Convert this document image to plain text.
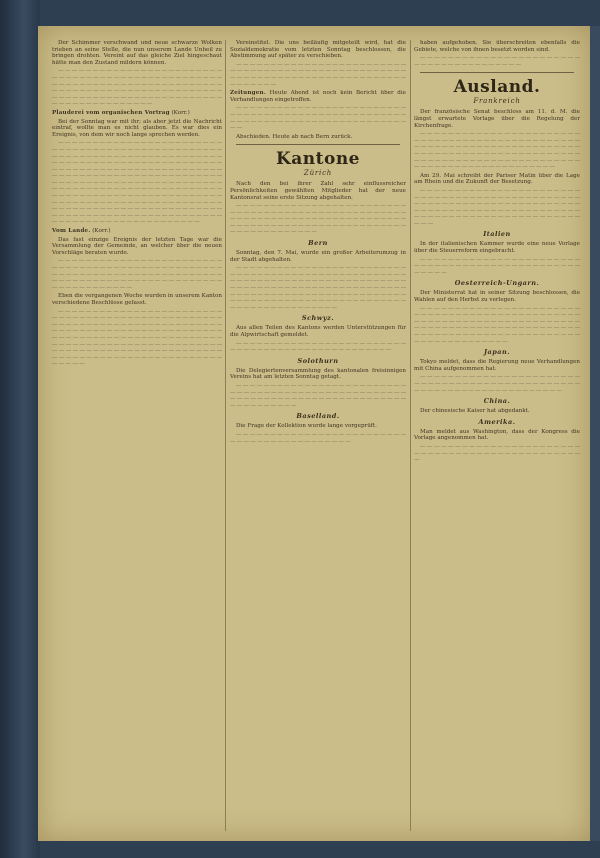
Der Schimmer verschwand und neue schwarze Wolken trieben an seine Stelle, die nun unserem Lande Unheil zu bringen drohten. Vereint auf das gleiche Ziel hingeschaut hätte man den Zustand mildern können.

— — — — — — — — — — — — — — — — — — — — — — — — — — — — — — — — — — — — — — — — — — — — — — — — — — — — — — — — — — — — — — — — — — — — — — — — — — — — — — — — — — — — — — — — — — — — — — — — — — — — — — — — — — — — — — — — — — — — — — — — — — — — — — — — — — — — — — — — — — —

Plauderei vom organischen Vortrag (Korr.)

Bei der Sonntag war mit ihr; als aber jetzt die Nachricht eintraf, wollte man es nicht glauben. Es war dies ein Ereignis, von dem wir noch lange sprechen werden.

— — — — — — — — — — — — — — — — — — — — — — — — — — — — — — — — — — — — — — — — — — — — — — — — — — — — — — — — — — — — — — — — — — — — — — — — — — — — — — — — — — — — — — — — — — — — — — — — — — — — — — — — — — — — — — — — — — — — — — — — — — — — — — — — — — — — — — — — — — — — — — — — — — — — — — — — — — — — — — — — — — — — — — — — — — — — — — — — — — — — — — — — — — — — — — — — — — — — — — — — — — — — — — — — — — — — — — — — — — — — — — — — — — — — — — — — — — — — — — — — — — — — — — — — — — — — — — — — — — — — — — — — — — — — — — — — — — — — — — — — — — — — — — — — — — — — — — — — — — — — — — — — — — — — — — — — — — — — — — — — —

Vom Lande. (Korr.)

Das fast einzige Ereignis der letzten Tage war die Versammlung der Gemeinde, an welcher über die neuen Vorschläge beraten wurde.

— — — — — — — — — — — — — — — — — — — — — — — — — — — — — — — — — — — — — — — — — — — — — — — — — — — — — — — — — — — — — — — — — — — — — — — — — — — — — — — — — — — — — — — — — — — — — — — — — — — — — — — — — — — — — — —

Eben die vergangenen Woche wurden in unserem Kanton verschiedene Beschlüsse gefasst.

— — — — — — — — — — — — — — — — — — — — — — — — — — — — — — — — — — — — — — — — — — — — — — — — — — — — — — — — — — — — — — — — — — — — — — — — — — — — — — — — — — — — — — — — — — — — — — — — — — — — — — — — — — — — — — — — — — — — — — — — — — — — — — — — — — — — — — — — — — — — — — — — — — — — — — — — — — — — — — — — — — — — — — — — — — — — — — — — — — — — — — — — — — — — — — — — — — — — — — — — — — — —

Vereinstitel. Die uns beiläufig mitgeteilt wird, hat die Sozialdemokratie vom letzten Sonntag beschlossen, die Abstimmung auf später zu verschieben.

— — — — — — — — — — — — — — — — — — — — — — — — — — — — — — — — — — — — — — — — — — — — — — — — — — — — — — — — — — — — — — — — — — — — — — — — — — — — — — — — — — — —

Zeitungen. Heute Abend ist noch kein Bericht über die Verhandlungen eingetroffen.

— — — — — — — — — — — — — — — — — — — — — — — — — — — — — — — — — — — — — — — — — — — — — — — — — — — — — — — — — — — — — — — — — — — — — — — — — — — — — — —

Abschieden. Heute ab nach Bern zurück.

Kantone
Zürich

Nach den bei ihrer Zahl sehr einflussreicher Persönlichkeiten gewählten Mitglieder hat der neue Kantonsrat seine erste Sitzung abgehalten.

— — — — — — — — — — — — — — — — — — — — — — — — — — — — — — — — — — — — — — — — — — — — — — — — — — — — — — — — — — — — — — — — — — — — — — — — — — — — — — — — — — — — — — — — — — — — — — — — — — — — — — — — — — — — — — — — — — — —

Bern

Sonntag, den 7. Mai, wurde ein großer Arbeiterumzug in der Stadt abgehalten.

— — — — — — — — — — — — — — — — — — — — — — — — — — — — — — — — — — — — — — — — — — — — — — — — — — — — — — — — — — — — — — — — — — — — — — — — — — — — — — — — — — — — — — — — — — — — — — — — — — — — — — — — — — — — — — — — — — — — — — — — — — — — — — — — — — — — — — — — — — — — — — — — — — — — — — — — — — — — — — — — — — — — — — — — — — —

Schwyz.

Aus allen Teilen des Kantons werden Unterstützungen für die Alpwirtschaft gemeldet.

— — — — — — — — — — — — — — — — — — — — — — — — — — — — — — — — — — — — — — — — — — — — — — — — —

Solothurn

Die Delegiertenversammlung des kantonalen freisinnigen Vereins hat am letzten Sonntag getagt.

— — — — — — — — — — — — — — — — — — — — — — — — — — — — — — — — — — — — — — — — — — — — — — — — — — — — — — — — — — — — — — — — — — — — — — — — — — — — — — — — — — — — — — —

Baselland.

Die Frage der Kollektion wurde lange vorgeprüft.

— — — — — — — — — — — — — — — — — — — — — — — — — — — — — — — — — — — — — — — — — — —

haben aufgehoben. Sie überschreiten ebenfalls die Gebiete, welche von ihnen besetzt worden sind.

— — — — — — — — — — — — — — — — — — — — — — — — — — — — — — — — — — — — — — —

Ausland.
Frankreich

Der französische Senat beschloss am 11. d. M. die längst erwartete Vorlage über die Regelung der Kirchenfrage.

— — — — — — — — — — — — — — — — — — — — — — — — — — — — — — — — — — — — — — — — — — — — — — — — — — — — — — — — — — — — — — — — — — — — — — — — — — — — — — — — — — — — — — — — — — — — — — — — — — — — — — — — — — — — — — — — — — — — — — — — — — — — — — — — — — — — — — — — — — — —

Am 29. Mai schreibt der Pariser Matin über die Lage am Rhein und die Zukunft der Besetzung.

— — — — — — — — — — — — — — — — — — — — — — — — — — — — — — — — — — — — — — — — — — — — — — — — — — — — — — — — — — — — — — — — — — — — — — — — — — — — — — — — — — — — — — — — — — — — — — — — — — — — — — — — — — — — — — — — — — — — — — — — — —

Italien

In der italienischen Kammer wurde eine neue Vorlage über die Steuerreform eingebracht.

— — — — — — — — — — — — — — — — — — — — — — — — — — — — — — — — — — — — — — — — — — — — — — — — — — — —

Oesterreich-Ungarn.

Der Ministerrat hat in seiner Sitzung beschlossen, die Wahlen auf den Herbst zu verlegen.

— — — — — — — — — — — — — — — — — — — — — — — — — — — — — — — — — — — — — — — — — — — — — — — — — — — — — — — — — — — — — — — — — — — — — — — — — — — — — — — — — — — — — — — — — — — — — — — — — — — — — — — — — — — — — — — — — — — — — — — — — — — — — — — — — — — — —

Japan.

Tokyo meldet, dass die Regierung neue Verhandlungen mit China aufgenommen hat.

— — — — — — — — — — — — — — — — — — — — — — — — — — — — — — — — — — — — — — — — — — — — — — — — — — — — — — — — — — — — — — — — — — — — —

China.

Der chinesische Kaiser hat abgedankt.

Amerika.

Man meldet aus Washington, dass der Kongress die Vorlage angenommen hat.

— — — — — — — — — — — — — — — — — — — — — — — — — — — — — — — — — — — — — — — — — — — — — — — —
